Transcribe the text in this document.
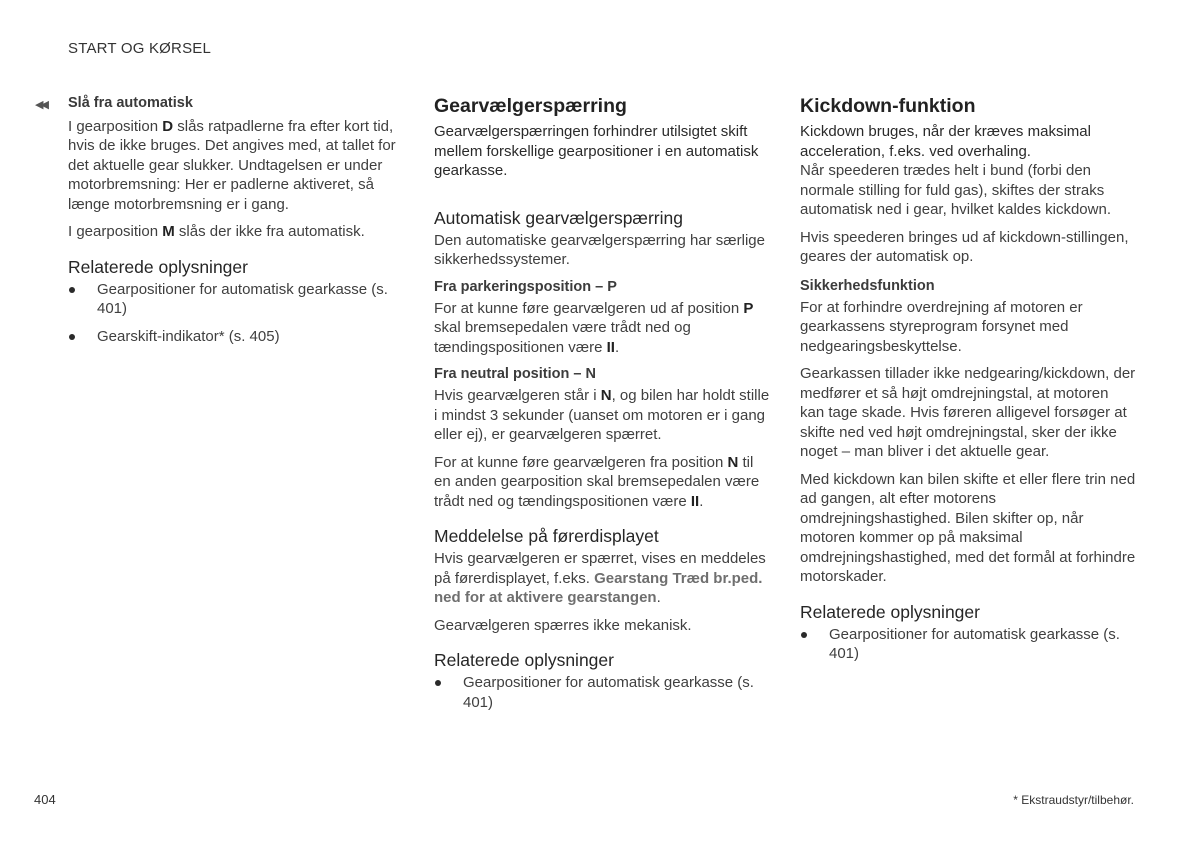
START OG KØRSEL
◀◀ Slå fra automatisk

I gearposition D slås ratpadlerne fra efter kort tid, hvis de ikke bruges. Det angives med, at tallet for det aktuelle gear slukker. Undtagelsen er under motorbremsning: Her er padlerne aktiveret, så længe motorbremsning er i gang.

I gearposition M slås der ikke fra automatisk.

Relaterede oplysninger
Gearpositioner for automatisk gearkasse (s. 401)
Gearskift-indikator* (s. 405)
Gearvælgerspærring

Gearvælgerspærringen forhindrer utilsigtet skift mellem forskellige gearpositioner i en automatisk gearkasse.

Automatisk gearvælgerspærring

Den automatiske gearvælgerspærring har særlige sikkerhedssystemer.

Fra parkeringsposition – P

For at kunne føre gearvælgeren ud af position P skal bremsepedalen være trådt ned og tændingspositionen være II.

Fra neutral position – N

Hvis gearvælgeren står i N, og bilen har holdt stille i mindst 3 sekunder (uanset om motoren er i gang eller ej), er gearvælgeren spærret.

For at kunne føre gearvælgeren fra position N til en anden gearposition skal bremsepedalen være trådt ned og tændingspositionen være II.

Meddelelse på førerdisplayet

Hvis gearvælgeren er spærret, vises en meddeles på førerdisplayet, f.eks. Gearstang Træd br.ped. ned for at aktivere gearstangen.

Gearvælgeren spærres ikke mekanisk.

Relaterede oplysninger
Gearpositioner for automatisk gearkasse (s. 401)
Kickdown-funktion

Kickdown bruges, når der kræves maksimal acceleration, f.eks. ved overhaling.

Når speederen trædes helt i bund (forbi den normale stilling for fuld gas), skiftes der straks automatisk ned i gear, hvilket kaldes kickdown.

Hvis speederen bringes ud af kickdown-stillingen, geares der automatisk op.

Sikkerhedsfunktion

For at forhindre overdrejning af motoren er gearkassens styreprogram forsynet med nedgearingsbeskyttelse.

Gearkassen tillader ikke nedgearing/kickdown, der medfører et så højt omdrejningstal, at motoren kan tage skade. Hvis føreren alligevel forsøger at skifte ned ved højt omdrejningstal, sker der ikke noget – man bliver i det aktuelle gear.

Med kickdown kan bilen skifte et eller flere trin ned ad gangen, alt efter motorens omdrejningshastighed. Bilen skifter op, når motoren kommer op på maksimal omdrejningshastighed, med det formål at forhindre motorskader.

Relaterede oplysninger
Gearpositioner for automatisk gearkasse (s. 401)
404	* Ekstraudstyr/tilbehør.
